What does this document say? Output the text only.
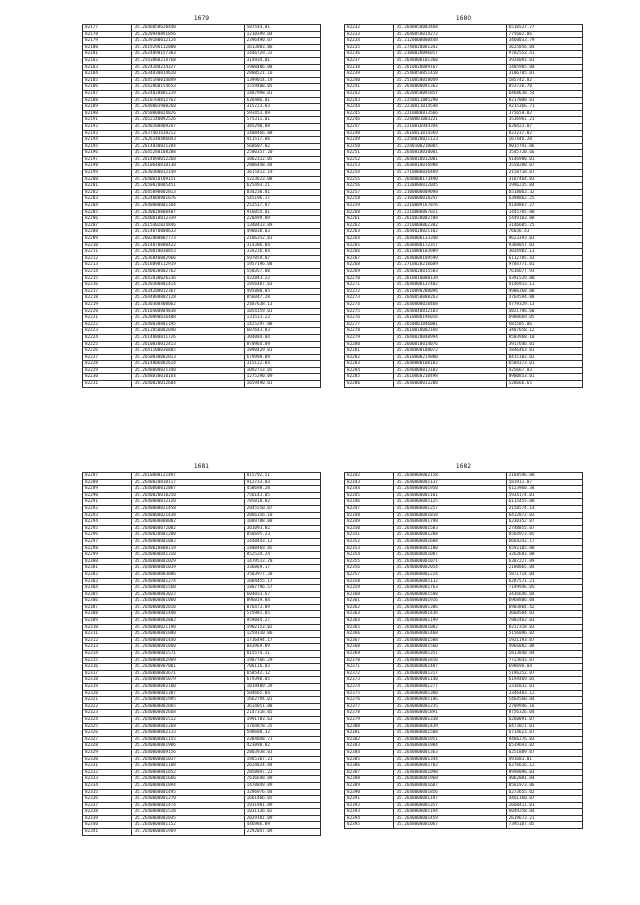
1679
82177	35.2646058620440	587544.01
82178	35.2620940891856	1210399.04
82179	35.2639180012124	2396490.07
82180	35.2619296112880	1613883.06
82181	35.2624090157303	1446729.22
82182	35.2543080214768	314934.01
82183	35.2624280214327	1908406.08
82184	35.2634030014620	2808521.16
82185	35.2645190014049	1399014.19
82186	35.2642060154653	1559408.05
82187	35.2624020801219	1487998.01
82188	35.2610760812762	626486.01
82189	35.2649003908260	315723.03
82190	35.2650000024826	593453.09
82191	35.2652140092526	575311.01
82192	35.2640280009267	385290.08
82193	35.2637401420212	1408466.08
82194	35.2626140486043	411517.06
82195	35.2614030021284	568607.02
82196	35.2645280108288	2580357.20
82197	35.2614090012268	1062312.05
82198	35.2610640010130	2806448.04
82199	35.2630300012149	3615413.19
82200	35.2640010109151	1223623.08
82201	35.2650020005451	625493.21
82202	35.2645090002813	834230.01
82203	35.2624080001676	545196.17
82204	35.2640080001104	252517.07
82205	35.2630020080487	916054.01
82206	35.2640010012339	220499.09
82207	35.2615402024846	1340433.09
82208	35.2614070008633	490038.03
82209	35.2602000007773	2186352.01
82210	35.2614070000422	314306.04
82211	35.2620810030853	334226.04
82212	35.2636040002966	597059.07
82213	35.2618090112919	1957196.08
82214	35.2640030002762	550357.08
82215	35.2642030026236	422843.22
82216	35.2620300001414	1956487.03
82217	35.2634200012367	495800.05
82218	35.2644800002128	856047.28
82219	35.2630300400062	2487638.13
82220	35.2610400004838	1054159.01
82221	35.2620090016408	131513.22
82222	35.2640030001195	1425297.08
82223	35.2612050002040	607643.03
82224	35.2614000011726	304004.04
82225	35.2610030012413	870964.09
82226	35.2641100036805	1890429.01
82227	35.2650030002013	679998.09
82228	35.2614006002614	315122.04
82229	35.2648090021340	1092713.05
82230	35.2648030010164	1275290.09
82231	35.2640020012604	1659490.01
1680
82232	35.2640050003468	6510527.77
82233	35.2640050014272	775602.06
82234	35.2120000080448	3460033.79
82235	35.2740020081342	3625856.04
82236	35.2100020096017	9782553.41
82237	35.2640000101360	3926093.01
82238	35.2610020009167	1405905.08
82239	35.2540050051418	3106705.01
82240	35.2510050058049	185742.82
82241	35.2640000091362	853726.70
82242	35.2620050091857	6468630.54
82243	35.2250011805290	8217000.01
82244	35.2230011014548	4215366.71
82245	35.2210080013566	375658.02
82246	35.2240001003221	3536961.21
82247	35.2210016944394	620423.07
82248	35.2610013014369	823237.02
82249	35.2250020021123	167446.20
82250	35.2240100210085	9015791.86
82251	35.2640010010001	3545720.66
82252	35.2640010012001	4146980.01
82253	35.2640010016988	3558280.07
82254	35.2710000036489	2158718.07
82255	35.2640000173490	3187464.03
82256	35.2130000012045	1996235.04
82257	35.2100000009098	6518063.32
82258	35.2160000018247	6398862.25
82259	35.2210009167876	4148867.27
82260	35.2210000067021	1445705.08
82261	35.2610020082708	5449103.08
82262	35.2210000062302	3146605.25
82263	35.2640020021102	76036.43
82264	35.2640000133340	9623393.03
82265	35.2640000172317	9368057.03
82266	35.2610000103989	3026902.13
82267	35.2640000109599	6112785.43
82268	35.2710020216609	9784771.01
82269	35.2640020015503	7616677.93
82270	35.2610010000139	4391529.08
82271	35.2640000137402	4146913.11
82272	35.2610090200096	4906368.08
82273	35.2640050008263	4764594.08
82274	35.2640000020468	4779329.13
82275	35.2640040012103	4821796.60
82276	35.2610000196016	6908669.05
82277	35.2650001046001	681585.06
82278	35.2610010002166	3407658.12
82279	35.2640020040994	8503968.10
82280	35.2600010014076	3917646.01
82281	35.2640000108072	1846463.01
82282	35.2610000214800	8415102.02
82283	35.2640000100102	6584373.01
82284	35.2640000013102	425667.03
82285	35.2610060210498	8980853.01
82286	35.2640000013200	528666.65
1681
82287	35.2610000121497	815792.51
82288	35.2640020010117	912733.03
82289	35.2640000012067	458698.28
82290	35.2640020010250	756143.05
82291	35.2640000012120	705018.02
82292	35.2640000021458	2045550.07
82293	35.2640000021438	2066356.10
82294	35.2640000080002	1009788.08
82295	35.2640000072002	301093.02
82296	35.2640020001200	856695.23
82297	35.2640000001082	1448443.12
82298	35.2640020000119	1408469.05
82299	35.2640000041310	852524.24
82300	35.2640000001029	1479513.70
82301	35.2640000001039	336069.17
82302	35.2640000003006	3583977.20
82303	35.2640000001274	1004455.17
82304	35.2640000001560	1807796.57
82305	35.2640000003022	604033.67
82306	35.2640000001060	896019.04
82307	35.2640000002018	876473.09
82308	35.2640000001440	575981.05
82309	35.2640000002002	959044.27
82310	35.2640000021190	1902153.02
82311	35.2640000001080	1259310.06
82312	35.2640000001440	1716494.17
82313	35.2640000001860	843969.09
82314	35.2640000001571	815574.31
82315	35.2640000002969	1987766.29
82316	35.2640000007001	706116.03
82317	35.2640000003671	658542.12
82318	35.2640000001079	679398.05
82319	35.2640000002100	1019409.29
82320	35.2640000001307	504665.04
82321	35.2640000001995	1662794.01
82322	35.2640000002865	3614051.08
82323	35.2640000002668	2147318.05
82324	35.2640000001512	1991783.63
82325	35.2640000001268	1764878.25
82326	35.2640000002133	598688.32
82327	35.2640000001155	2384048.71
82328	35.2640000001906	423098.02
82329	35.2640000009156	2803938.03
82330	35.2640000001037	1965307.21
82331	35.2640000001108	2624824.04
82332	35.2640000001052	2058097.22
82333	35.2640000001666	7616648.09
82334	35.2640000001094	1470849.09
82335	35.2640000001495	3296976.04
82336	35.2640000001270	1661466.05
82337	35.2640000001474	1931981.09
82338	35.2640000001520	1031136.02
82339	35.2640000002035	2029101.09
82340	35.2640000001152	446986.09
82341	35.2640000001969	2292047.09
1682
82342	35.2640000002158	2168596.08
82343	35.2640000001137	581911.07
82344	35.2640000001950	6123960.38
82345	35.2640000001101	5934174.01
82346	35.2640000001125	6115455.08
82347	35.2640000001257	2158574.14
82348	35.2640000001810	6412872.02
82349	35.2640000001790	6230352.07
82350	35.2640000001583	2748855.07
82351	35.2640000001208	8564973.05
82352	35.2640000001688	6664242.17
82353	35.2640000001100	6592105.08
82354	35.2640000001087	3263683.08
82355	35.2640000001071	6307227.09
82356	35.2640000002054	2180065.04
82357	35.2640000001224	5871714.04
82358	35.2640000001132	6287571.21
82359	35.2640000001763	7199946.05
82360	35.2640000001588	3436646.04
82361	35.2640000001916	6968806.04
82362	35.2640000001386	6903804.42
82363	35.2640000001436	3668504.03
82364	35.2640000001199	7802462.03
82365	35.2640000001082	8217318.03
82366	35.2640000001468	5156096.02
82367	35.2640000001508	1921193.07
82368	35.2640000001560	4966082.08
82369	35.2640000001351	5813840.04
82370	35.2640000001810	7723643.07
82371	35.2640000001407	690696.04
82372	35.2640000001317	5196252.07
82373	35.2640000001140	6194469.05
82374	35.2640000001277	3316832.01
82375	35.2640000001300	3346403.12
82376	35.2640000001186	5464560.04
82377	35.2640000001235	2709946.16
82378	35.2640000001891	8756326.04
82379	35.2640000001338	6260091.07
82380	35.2640000001439	6473071.01
82381	35.2640000001508	6714623.07
82382	35.2640000001951	9466276.03
82383	35.2640000001904	6539693.02
82384	35.2640000001363	6251889.07
82385	35.2640000001344	491683.01
82386	35.2640000001702	6276616.12
82387	35.2640000001090	8998096.03
82388	35.2640000001968	4062081.04
82389	35.2640000001607	8561973.06
82390	35.2640000001856	6273655.02
82391	35.2640000001197	4461160.07
82392	35.2640000001357	1668411.01
82393	35.2640000001194	6049258.04
82394	35.2640000001459	2619673.21
82395	35.2640000001067	7395107.05
